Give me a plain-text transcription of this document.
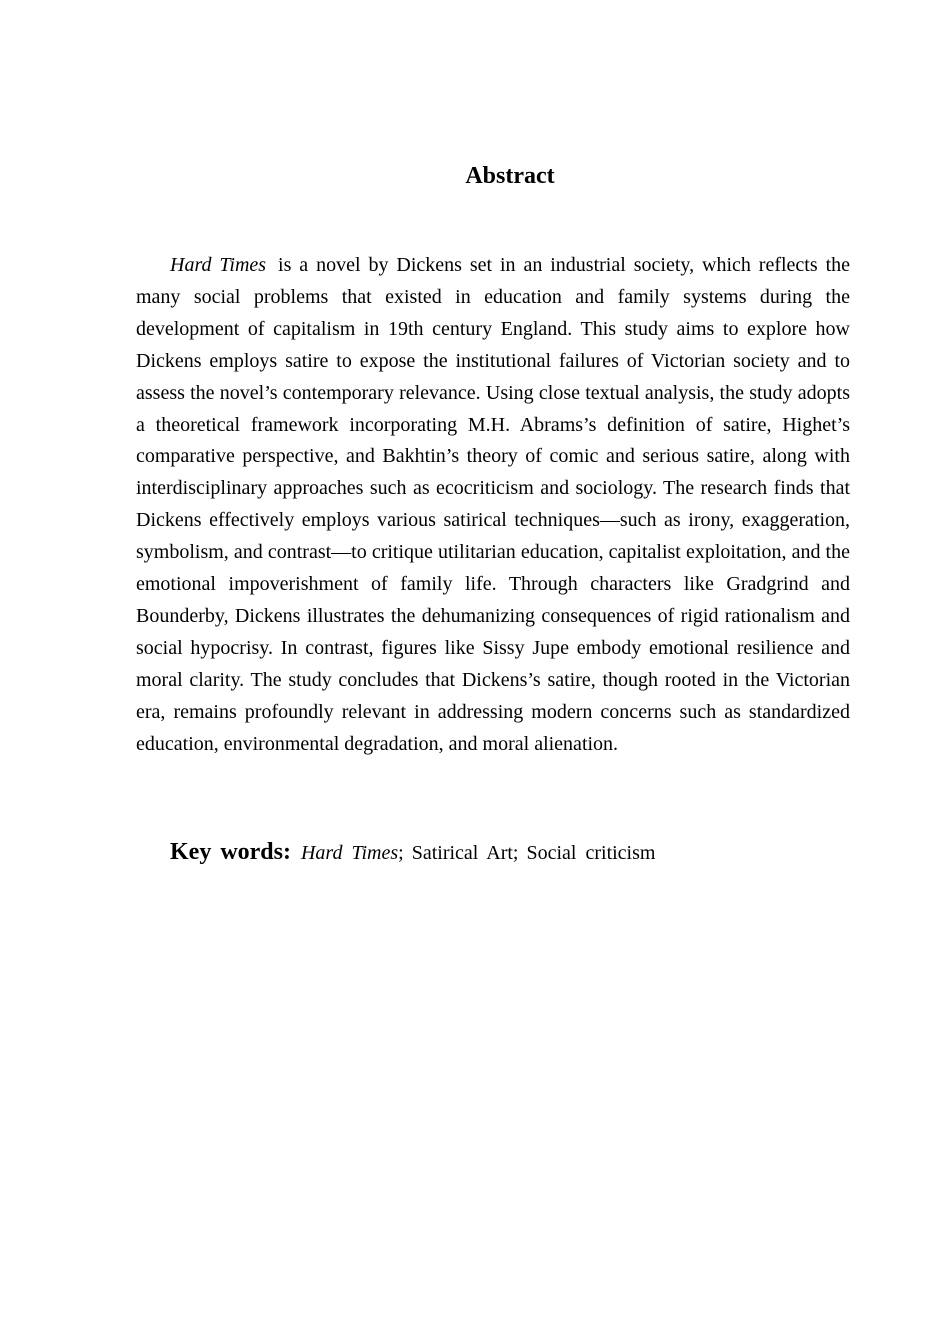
Abstract

Hard Times is a novel by Dickens set in an industrial society, which reflects the many social problems that existed in education and family systems during the development of capitalism in 19th century England. This study aims to explore how Dickens employs satire to expose the institutional failures of Victorian society and to assess the novel’s contemporary relevance. Using close textual analysis, the study adopts a theoretical framework incorporating M.H. Abrams’s definition of satire, Highet’s comparative perspective, and Bakhtin’s theory of comic and serious satire, along with interdisciplinary approaches such as ecocriticism and sociology. The research finds that Dickens effectively employs various satirical techniques—such as irony, exaggeration, symbolism, and contrast—to critique utilitarian education, capitalist exploitation, and the emotional impoverishment of family life. Through characters like Gradgrind and Bounderby, Dickens illustrates the dehumanizing consequences of rigid rationalism and social hypocrisy. In contrast, figures like Sissy Jupe embody emotional resilience and moral clarity. The study concludes that Dickens’s satire, though rooted in the Victorian era, remains profoundly relevant in addressing modern concerns such as standardized education, environmental degradation, and moral alienation.

Key words: Hard Times; Satirical Art; Social criticism
